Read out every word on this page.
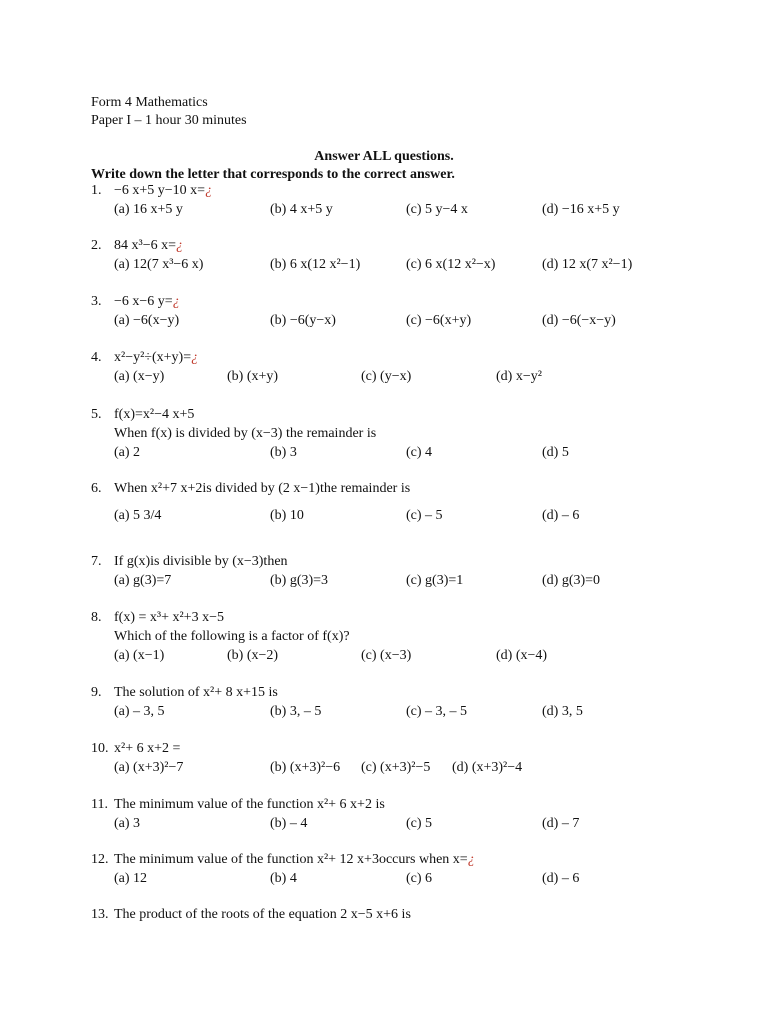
Form 4 Mathematics
Paper I – 1 hour 30 minutes
Answer ALL questions.
Write down the letter that corresponds to the correct answer.
1. −6 x+5 y−10 x=¿
(a) 16 x+5 y	(b) 4 x+5 y	(c) 5 y−4 x	(d) −16 x+5 y
2. 84 x³−6 x=¿
(a) 12(7 x³−6 x)	(b) 6 x(12 x²−1)	(c) 6 x(12 x²−x)	(d) 12 x(7 x²−1)
3. −6 x−6 y=¿
(a) −6(x−y)	(b) −6(y−x)	(c) −6(x+y)	(d) −6(−x−y)
4. x²−y²÷(x+y)=¿
(a) (x−y)	(b) (x+y)	(c) (y−x)	(d) x−y²
5. f(x)=x²−4 x+5
When f(x) is divided by (x−3) the remainder is
(a) 2	(b) 3	(c) 4	(d) 5
6. When x²+7 x+2is divided by (2 x−1)the remainder is
(a) 5 3/4	(b) 10	(c) – 5	(d) – 6
7. If g(x)is divisible by (x−3)then
(a) g(3)=7	(b) g(3)=3	(c) g(3)=1	(d) g(3)=0
8. f(x) = x³+ x²+3 x−5
Which of the following is a factor of f(x)?
(a) (x−1)	(b) (x−2)	(c) (x−3)	(d) (x−4)
9. The solution of x²+ 8 x+15 is
(a) – 3, 5	(b) 3, – 5	(c) – 3, – 5	(d) 3, 5
10. x²+ 6 x+2 =
(a) (x+3)²−7	(b) (x+3)²−6 (c) (x+3)²−5 (d) (x+3)²−4
11. The minimum value of the function x²+ 6 x+2 is
(a) 3	(b) – 4	(c) 5	(d) – 7
12. The minimum value of the function x²+ 12 x+3occurs when x=¿
(a) 12	(b) 4	(c) 6	(d) – 6
13. The product of the roots of the equation 2 x−5 x+6 is
